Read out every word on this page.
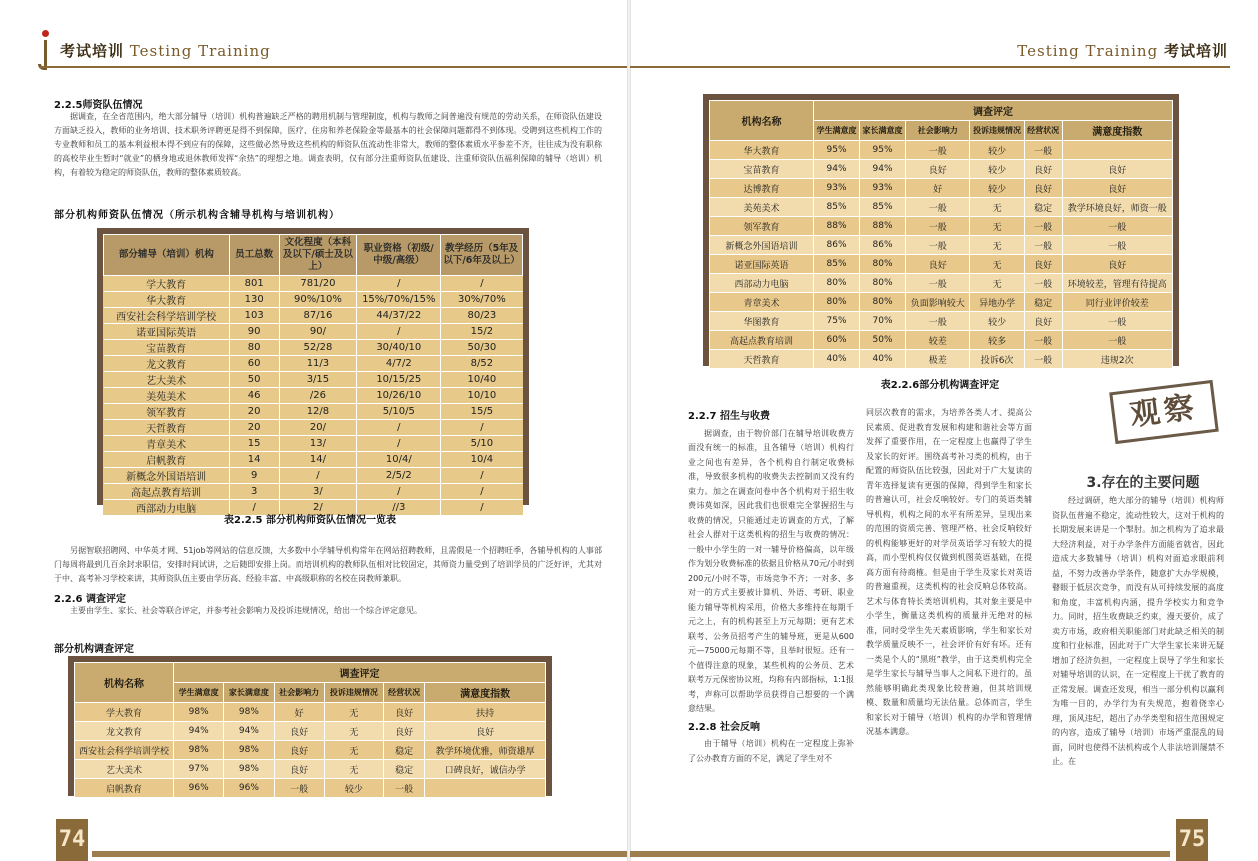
考试培训 Testing Training
2.2.5师资队伍情况

据调查，在全省范围内，绝大部分辅导（培训）机构普遍缺乏严格的聘用机制与管理制度，机构与教师之间普遍没有规范的劳动关系，在师资队伍建设方面缺乏投入，教师的业务培训、技术职务评聘更是得不到保障，医疗、住房和养老保险金等最基本的社会保障问题都得不到体现。受聘到这些机构工作的专业教师和员工的基本利益根本得不到应有的保障，这些做必然导致这些机构的师资队伍流动性非常大，教师的整体素质水平参差不齐，往往成为没有职称的高校毕业生暂时“就业”的栖身地或退休教师发挥“余热”的理想之地。调查表明，仅有部分注重师资队伍建设、注重师资队伍福利保障的辅导（培训）机构，有着较为稳定的师资队伍，教师的整体素质较高。

部分机构师资队伍情况（所示机构含辅导机构与培训机构）
部分辅导（培训）机构	员工总数	文化程度（本科及以下/硕士及以上）	职业资格（初级/中级/高级）	教学经历（5年及以下/6年及以上）
学大教育	801	781/20	/	/
华大教育	130	90%/10%	15%/70%/15%	30%/70%
西安社会科学培训学校	103	87/16	44/37/22	80/23
诺亚国际英语	90	90/	/	15/2
宝苗教育	80	52/28	30/40/10	50/30
龙文教育	60	11/3	4/7/2	8/52
艺大美术	50	3/15	10/15/25	10/40
美苑美术	46	/26	10/26/10	10/10
领军教育	20	12/8	5/10/5	15/5
天哲教育	20	20/	/	/
青章美术	15	13/	/	5/10
启帆教育	14	14/	10/4/	10/4
新概念外国语培训	9	/	2/5/2	/
高起点教育培训	3	3/	/	/
西部动力电脑	/	2/	//3	/
表2.2.5 部分机构师资队伍情况一览表

另据智联招聘网、中华英才网、51job等网站的信息反馈，大多数中小学辅导机构常年在网站招聘教师，且需假是一个招聘旺季，各辅导机构的人事部门每周将最到几百余封求职信，安排时间试讲，之后随即安排上岗。而培训机构的教师队伍相对比较固定，其师资力量受到了培训学员的广泛好评，尤其对于中、高考补习学校来讲，其师资队伍主要由学历高、经验丰富、中高级职称的名校在岗教师兼职。

2.2.6 调查评定

主要由学生、家长、社会等联合评定，并参考社会影响力及投诉违规情况，给出一个综合评定意见。

部分机构调查评定
机构名称	调查评定					
	学生满意度	家长满意度	社会影响力	投诉违规情况	经营状况	满意度指数
学大教育	98%	98%	好	无	良好	扶持
龙文教育	94%	94%	良好	无	良好	良好
西安社会科学培训学校	98%	98%	良好	无	稳定	教学环境优雅，师资雄厚
艺大美术	97%	98%	良好	无	稳定	口碑良好，诚信办学
启帆教育	96%	96%	一般	较少	一般	
74
Testing Training 考试培训
机构名称	调查评定					
	学生满意度	家长满意度	社会影响力	投诉违规情况	经营状况	满意度指数
华大教育	95%	95%	一般	较少	一般	
宝苗教育	94%	94%	良好	较少	良好	良好
达博教育	93%	93%	好	较少	良好	良好
美苑美术	85%	85%	一般	无	稳定	教学环境良好，师资一般
领军教育	88%	88%	一般	无	一般	一般
新概念外国语培训	86%	86%	一般	无	一般	一般
诺亚国际英语	85%	80%	良好	无	良好	良好
西部动力电脑	80%	80%	一般	无	一般	环境较差，管理有待提高
青章美术	80%	80%	负面影响较大	异地办学	稳定	同行业评价较差
华图教育	75%	70%	一般	较少	良好	一般
高起点教育培训	60%	50%	较差	较多	一般	一般
天哲教育	40%	40%	极差	投诉6次	一般	违规2次
表2.2.6部分机构调查评定
2.2.7 招生与收费

据调查，由于物价部门在辅导培训收费方面没有统一的标准，且各辅导（培训）机构行业之间也有差异，各个机构自行制定收费标准，导致很多机构的收费失去控制而又没有约束力。加之在调查问卷中各个机构对于招生收费讳莫如深，因此我们也很难完全掌握招生与收费的情况，只能通过走访调查的方式，了解社会人群对于这类机构的招生与收费的情况：一般中小学生的一对一辅导价格偏高，以年级作为划分收费标准的依据且价格从70元/小时到200元/小时不等，市场竞争不齐；一对多、多对一的方式主要被计算机、外语、考研、职业能力辅导等机构采用，价格大多维持在每期千元之上，有的机构甚至上万元每期；更有艺术联考、公务员招考产生的辅导班，更是从600元—75000元每期不等，且举时很短。还有一个值得注意的现象，某些机构的公务员、艺术联考万元保密协议班，均称有内部指标，1:1报考，声称可以帮助学员获得自己想要的一个满意结果。

2.2.8 社会反响

由于辅导（培训）机构在一定程度上弥补了公办教育方面的不足，满足了学生对不

同层次教育的需求，为培养各类人才、提高公民素质、促进教育发展和构建和谐社会等方面发挥了重要作用，在一定程度上也赢得了学生及家长的好评。围绕高考补习类的机构，由于配置的师资队伍比较强，因此对于广大复读的青年选择复读有更强的保障，得到学生和家长的普遍认可，社会反响较好。专门的英语类辅导机构，机构之间的水平有所差异，呈现出来的范围的资质完善、管理严格、社会反响较好的机构能够更好的对学员英语学习有较大的提高，而小型机构仅仅做到机图英语基础，在提高方面有待商榷。但是由于学生及家长对英语的普遍重视，这类机构的社会反响总体较高。艺术与体育特长类培训机构，其对象主要是中小学生，衡量这类机构的质量并无绝对的标准，同时受学生先天素质影响，学生和家长对教学质量反映不一，社会评价有好有坏。还有一类是个人的“黑班”教学，由于这类机构完全是学生家长与辅导当事人之间私下进行的，虽然能够明确此类现象比较普遍，但其培训规模、数量和质量均无法估量。总体而言，学生和家长对于辅导（培训）机构的办学和管理情况基本满意。

观察
3.存在的主要问题

经过调研，绝大部分的辅导（培训）机构师资队伍普遍不稳定，流动性较大，这对于机构的长期发展来讲是一个掣肘。加之机构为了追求最大经济利益，对于办学条件方面能省就省，因此造成大多数辅导（培训）机构对面追求眼前利益，不努力改善办学条件，随意扩大办学规模，瞽眼于低层次竞争，而没有从可持续发展的高度和角度，丰富机构内涵，提升学校实力和竞争力。同时，招生收费缺乏约束，漫天要价，成了卖方市场，政府相关职能部门对此缺乏相关的制度和行业标准，因此对于广大学生家长来讲无疑增加了经济负担，一定程度上误导了学生和家长对辅导培训的认识，在一定程度上干扰了教育的正常发展。调查还发现，相当一部分机构以赢利为唯一目的，办学行为有失规范，抱着侥幸心理，顶风违纪，超出了办学类型和招生范围规定的内容，造成了辅导（培训）市场严重混乱的局面，同时也使得不法机构或个人非法培训屡禁不止。在

75
